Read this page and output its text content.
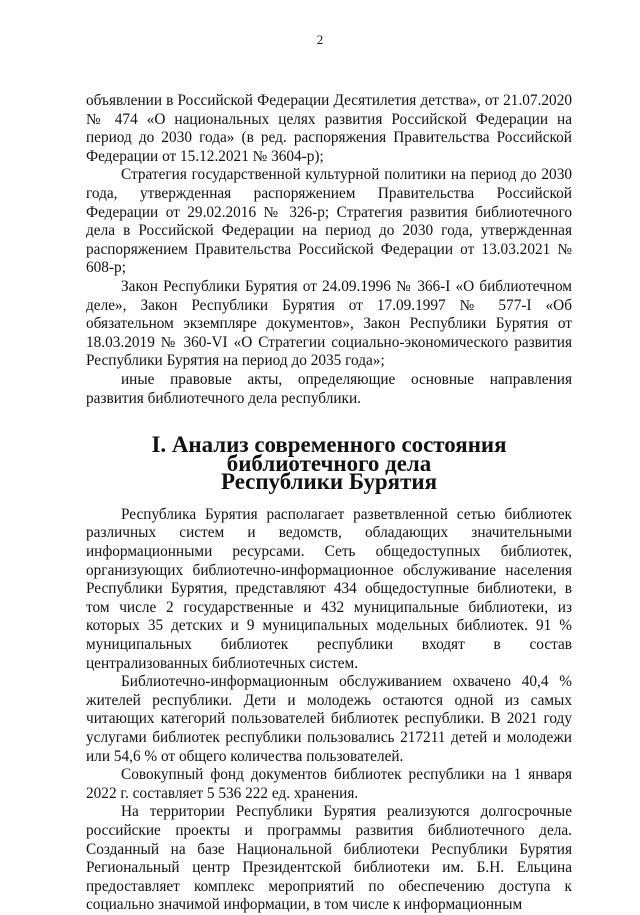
2

объявлении в Российской Федерации Десятилетия детства», от 21.07.2020 № 474 «О национальных целях развития Российской Федерации на период до 2030 года» (в ред. распоряжения Правительства Российской Федерации от 15.12.2021 № 3604-р);

Стратегия государственной культурной политики на период до 2030 года, утвержденная распоряжением Правительства Российской Федерации от 29.02.2016 № 326-р; Стратегия развития библиотечного дела в Российской Федерации на период до 2030 года, утвержденная распоряжением Правительства Российской Федерации от 13.03.2021 № 608-р;

Закон Республики Бурятия от 24.09.1996 № 366-I «О библиотечном деле», Закон Республики Бурятия от 17.09.1997 № 577-I «Об обязательном экземпляре документов», Закон Республики Бурятия от 18.03.2019 № 360-VI «О Стратегии социально-экономического развития Республики Бурятия на период до 2035 года»;

иные правовые акты, определяющие основные направления развития библиотечного дела республики.

I. Анализ современного состояния библиотечного дела
Республики Бурятия

Республика Бурятия располагает разветвленной сетью библиотек различных систем и ведомств, обладающих значительными информационными ресурсами. Сеть общедоступных библиотек, организующих библиотечно-информационное обслуживание населения Республики Бурятия, представляют 434 общедоступные библиотеки, в том числе 2 государственные и 432 муниципальные библиотеки, из которых 35 детских и 9 муниципальных модельных библиотек. 91 % муниципальных библиотек республики входят в состав централизованных библиотечных систем.

Библиотечно-информационным обслуживанием охвачено 40,4 % жителей республики. Дети и молодежь остаются одной из самых читающих категорий пользователей библиотек республики. В 2021 году услугами библиотек республики пользовались 217211 детей и молодежи или 54,6 % от общего количества пользователей.

Совокупный фонд документов библиотек республики на 1 января 2022 г. составляет 5 536 222 ед. хранения.

На территории Республики Бурятия реализуются долгосрочные российские проекты и программы развития библиотечного дела. Созданный на базе Национальной библиотеки Республики Бурятия Региональный центр Президентской библиотеки им. Б.Н. Ельцина предоставляет комплекс мероприятий по обеспечению доступа к социально значимой информации, в том числе к информационным
